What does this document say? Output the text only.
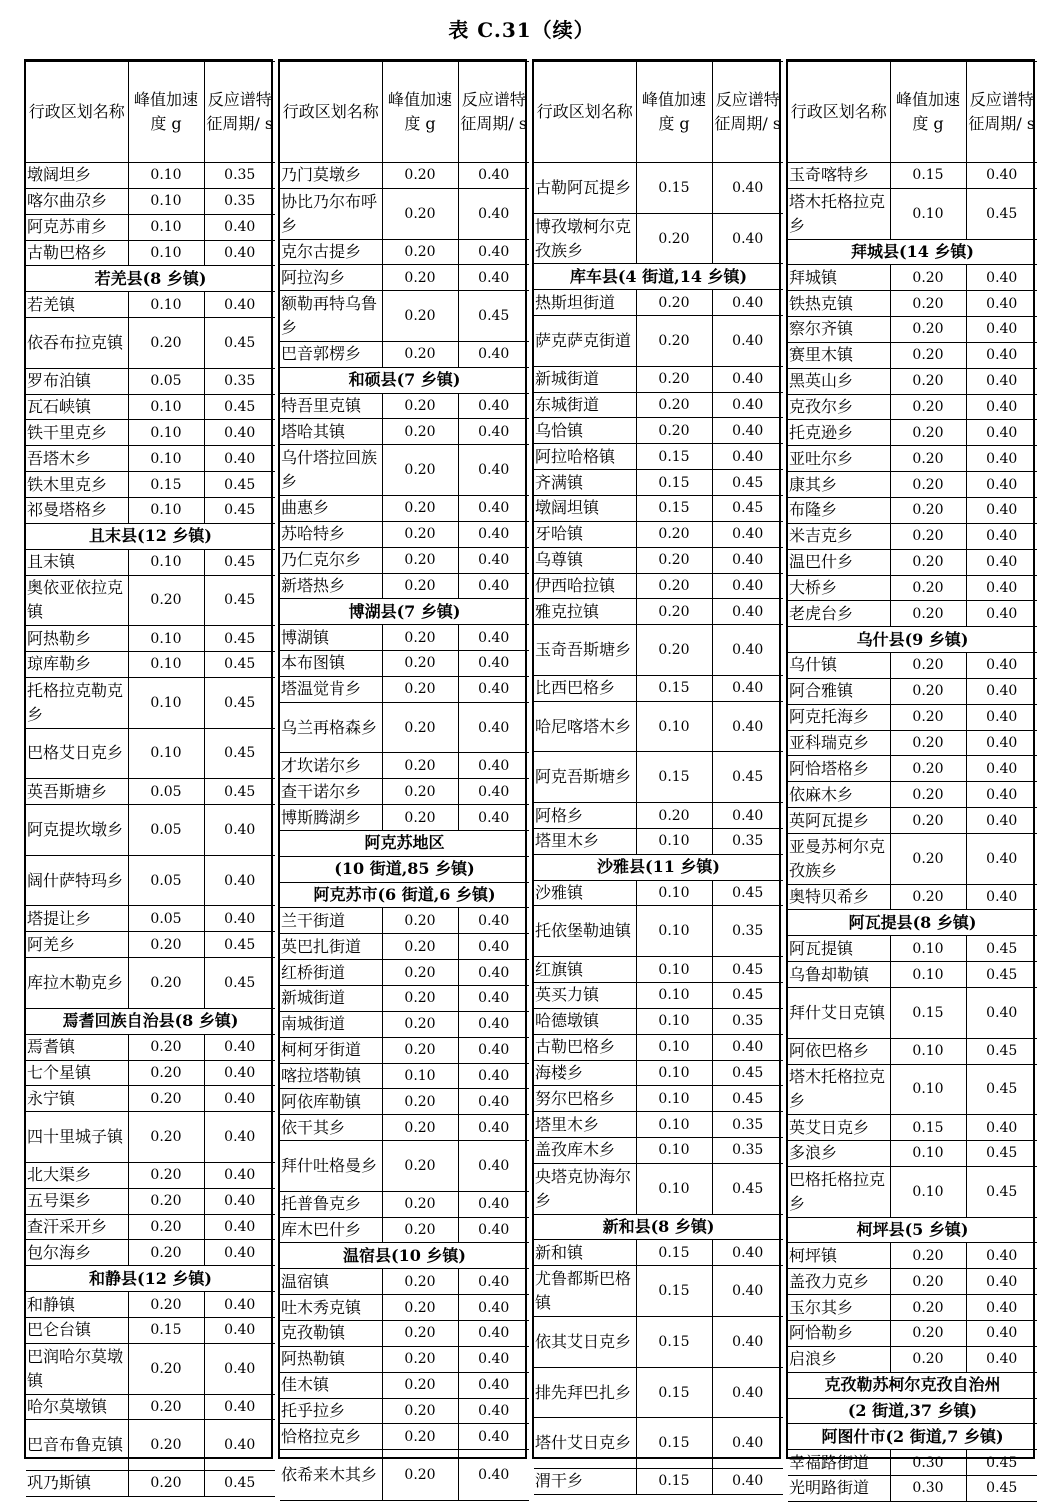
表 C.31（续）
行政区划名称	峰值加速度 g	反应谱特征周期/ s
墩阔坦乡	0.10	0.35
喀尔曲尕乡	0.10	0.35
阿克苏甫乡	0.10	0.40
古勒巴格乡	0.10	0.40
若羌县(8 乡镇)		
若羌镇	0.10	0.40
依吞布拉克镇	0.20	0.45
罗布泊镇	0.05	0.35
瓦石峡镇	0.10	0.45
铁干里克乡	0.10	0.40
吾塔木乡	0.10	0.40
铁木里克乡	0.15	0.45
祁曼塔格乡	0.10	0.45
且末县(12 乡镇)		
且末镇	0.10	0.45
奥依亚依拉克镇	0.20	0.45
阿热勒乡	0.10	0.45
琼库勒乡	0.10	0.45
托格拉克勒克乡	0.10	0.45
巴格艾日克乡	0.10	0.45
英吾斯塘乡	0.05	0.45
阿克提坎墩乡	0.05	0.40
阔什萨特玛乡	0.05	0.40
塔提让乡	0.05	0.40
阿羌乡	0.20	0.45
库拉木勒克乡	0.20	0.45
焉耆回族自治县(8 乡镇)		
焉耆镇	0.20	0.40
七个星镇	0.20	0.40
永宁镇	0.20	0.40
四十里城子镇	0.20	0.40
北大渠乡	0.20	0.40
五号渠乡	0.20	0.40
查汗采开乡	0.20	0.40
包尔海乡	0.20	0.40
和静县(12 乡镇)		
和静镇	0.20	0.40
巴仑台镇	0.15	0.40
巴润哈尔莫墩镇	0.20	0.40
哈尔莫墩镇	0.20	0.40
巴音布鲁克镇	0.20	0.40
巩乃斯镇	0.20	0.45
行政区划名称	峰值加速度 g	反应谱特征周期/ s
乃门莫墩乡	0.20	0.40
协比乃尔布呼乡	0.20	0.40
克尔古提乡	0.20	0.40
阿拉沟乡	0.20	0.40
额勒再特乌鲁乡	0.20	0.45
巴音郭楞乡	0.20	0.40
和硕县(7 乡镇)		
特吾里克镇	0.20	0.40
塔哈其镇	0.20	0.40
乌什塔拉回族乡	0.20	0.40
曲惠乡	0.20	0.40
苏哈特乡	0.20	0.40
乃仁克尔乡	0.20	0.40
新塔热乡	0.20	0.40
博湖县(7 乡镇)		
博湖镇	0.20	0.40
本布图镇	0.20	0.40
塔温觉肯乡	0.20	0.40
乌兰再格森乡	0.20	0.40
才坎诺尔乡	0.20	0.40
查干诺尔乡	0.20	0.40
博斯腾湖乡	0.20	0.40
阿克苏地区		
(10 街道,85 乡镇)		
阿克苏市(6 街道,6 乡镇)		
兰干街道	0.20	0.40
英巴扎街道	0.20	0.40
红桥街道	0.20	0.40
新城街道	0.20	0.40
南城街道	0.20	0.40
柯柯牙街道	0.20	0.40
喀拉塔勒镇	0.10	0.40
阿依库勒镇	0.20	0.40
依干其乡	0.20	0.40
拜什吐格曼乡	0.20	0.40
托普鲁克乡	0.20	0.40
库木巴什乡	0.20	0.40
温宿县(10 乡镇)		
温宿镇	0.20	0.40
吐木秀克镇	0.20	0.40
克孜勒镇	0.20	0.40
阿热勒镇	0.20	0.40
佳木镇	0.20	0.40
托乎拉乡	0.20	0.40
恰格拉克乡	0.20	0.40
依希来木其乡	0.20	0.40
行政区划名称	峰值加速度 g	反应谱特征周期/ s
古勒阿瓦提乡	0.15	0.40
博孜墩柯尔克孜族乡	0.20	0.40
库车县(4 街道,14 乡镇)		
热斯坦街道	0.20	0.40
萨克萨克街道	0.20	0.40
新城街道	0.20	0.40
东城街道	0.20	0.40
乌恰镇	0.20	0.40
阿拉哈格镇	0.15	0.40
齐满镇	0.15	0.45
墩阔坦镇	0.15	0.45
牙哈镇	0.20	0.40
乌尊镇	0.20	0.40
伊西哈拉镇	0.20	0.40
雅克拉镇	0.20	0.40
玉奇吾斯塘乡	0.20	0.40
比西巴格乡	0.15	0.40
哈尼喀塔木乡	0.10	0.40
阿克吾斯塘乡	0.15	0.45
阿格乡	0.20	0.40
塔里木乡	0.10	0.35
沙雅县(11 乡镇)		
沙雅镇	0.10	0.45
托依堡勒迪镇	0.10	0.35
红旗镇	0.10	0.45
英买力镇	0.10	0.45
哈德墩镇	0.10	0.35
古勒巴格乡	0.10	0.40
海楼乡	0.10	0.45
努尔巴格乡	0.10	0.45
塔里木乡	0.10	0.35
盖孜库木乡	0.10	0.35
央塔克协海尔乡	0.10	0.45
新和县(8 乡镇)		
新和镇	0.15	0.40
尤鲁都斯巴格镇	0.15	0.40
依其艾日克乡	0.15	0.40
排先拜巴扎乡	0.15	0.40
塔什艾日克乡	0.15	0.40
渭干乡	0.15	0.40
行政区划名称	峰值加速度 g	反应谱特征周期/ s
玉奇喀特乡	0.15	0.40
塔木托格拉克乡	0.10	0.45
拜城县(14 乡镇)		
拜城镇	0.20	0.40
铁热克镇	0.20	0.40
察尔齐镇	0.20	0.40
赛里木镇	0.20	0.40
黑英山乡	0.20	0.40
克孜尔乡	0.20	0.40
托克逊乡	0.20	0.40
亚吐尔乡	0.20	0.40
康其乡	0.20	0.40
布隆乡	0.20	0.40
米吉克乡	0.20	0.40
温巴什乡	0.20	0.40
大桥乡	0.20	0.40
老虎台乡	0.20	0.40
乌什县(9 乡镇)		
乌什镇	0.20	0.40
阿合雅镇	0.20	0.40
阿克托海乡	0.20	0.40
亚科瑞克乡	0.20	0.40
阿恰塔格乡	0.20	0.40
依麻木乡	0.20	0.40
英阿瓦提乡	0.20	0.40
亚曼苏柯尔克孜族乡	0.20	0.40
奥特贝希乡	0.20	0.40
阿瓦提县(8 乡镇)		
阿瓦提镇	0.10	0.45
乌鲁却勒镇	0.10	0.45
拜什艾日克镇	0.15	0.40
阿依巴格乡	0.10	0.45
塔木托格拉克乡	0.10	0.45
英艾日克乡	0.15	0.40
多浪乡	0.10	0.45
巴格托格拉克乡	0.10	0.45
柯坪县(5 乡镇)		
柯坪镇	0.20	0.40
盖孜力克乡	0.20	0.40
玉尔其乡	0.20	0.40
阿恰勒乡	0.20	0.40
启浪乡	0.20	0.40
克孜勒苏柯尔克孜自治州		
(2 街道,37 乡镇)		
阿图什市(2 街道,7 乡镇)		
幸福路街道	0.30	0.45
光明路街道	0.30	0.45
